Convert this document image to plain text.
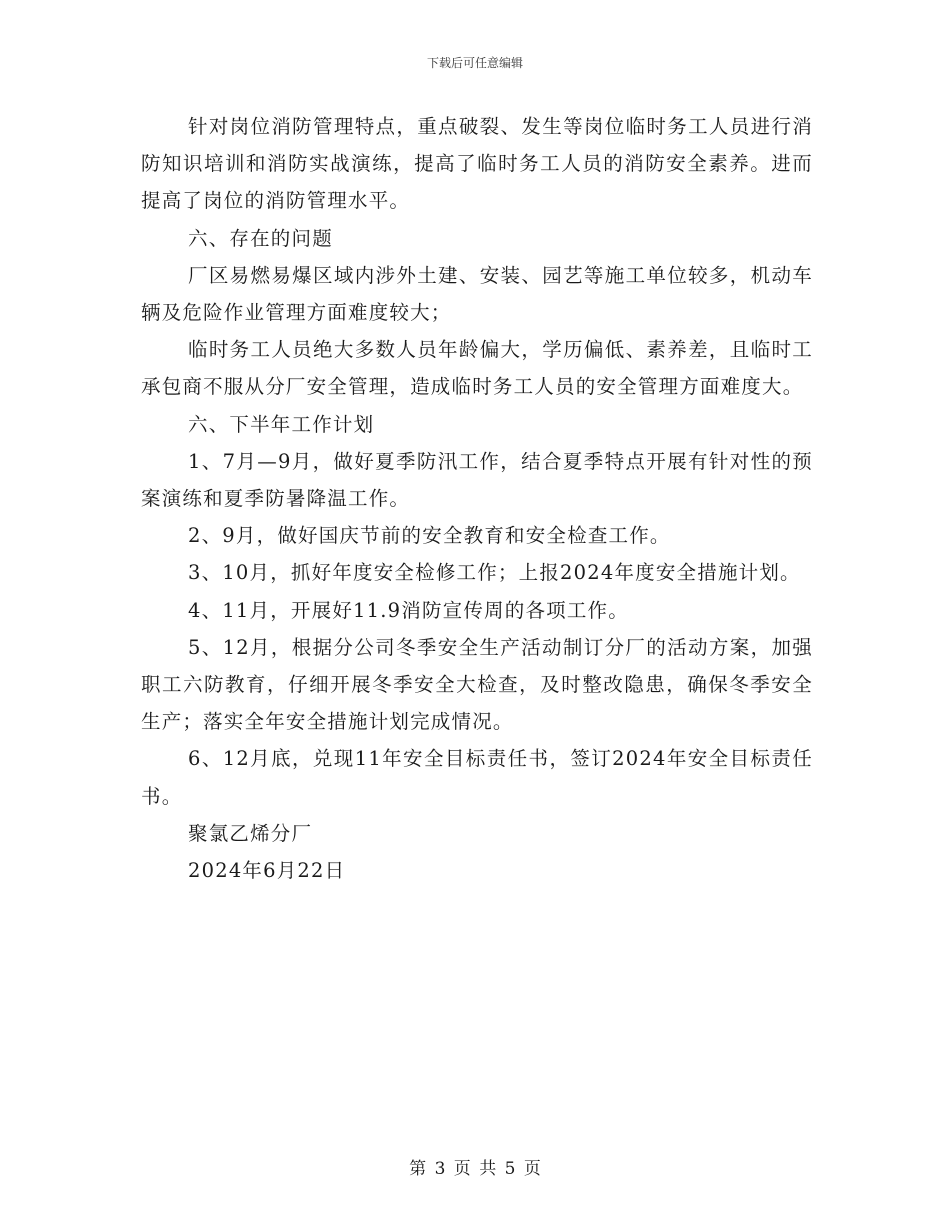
下载后可任意编辑

针对岗位消防管理特点，重点破裂、发生等岗位临时务工人员进行消防知识培训和消防实战演练，提高了临时务工人员的消防安全素养。进而提高了岗位的消防管理水平。

六、存在的问题

厂区易燃易爆区域内涉外土建、安装、园艺等施工单位较多，机动车辆及危险作业管理方面难度较大；

临时务工人员绝大多数人员年龄偏大，学历偏低、素养差，且临时工承包商不服从分厂安全管理，造成临时务工人员的安全管理方面难度大。

六、下半年工作计划

1、7月—9月，做好夏季防汛工作，结合夏季特点开展有针对性的预案演练和夏季防暑降温工作。

2、9月，做好国庆节前的安全教育和安全检查工作。

3、10月，抓好年度安全检修工作；上报2024年度安全措施计划。

4、11月，开展好11.9消防宣传周的各项工作。

5、12月，根据分公司冬季安全生产活动制订分厂的活动方案，加强职工六防教育，仔细开展冬季安全大检查，及时整改隐患，确保冬季安全生产；落实全年安全措施计划完成情况。

6、12月底，兑现11年安全目标责任书，签订2024年安全目标责任书。

聚氯乙烯分厂

2024年6月22日

第 3 页 共 5 页
